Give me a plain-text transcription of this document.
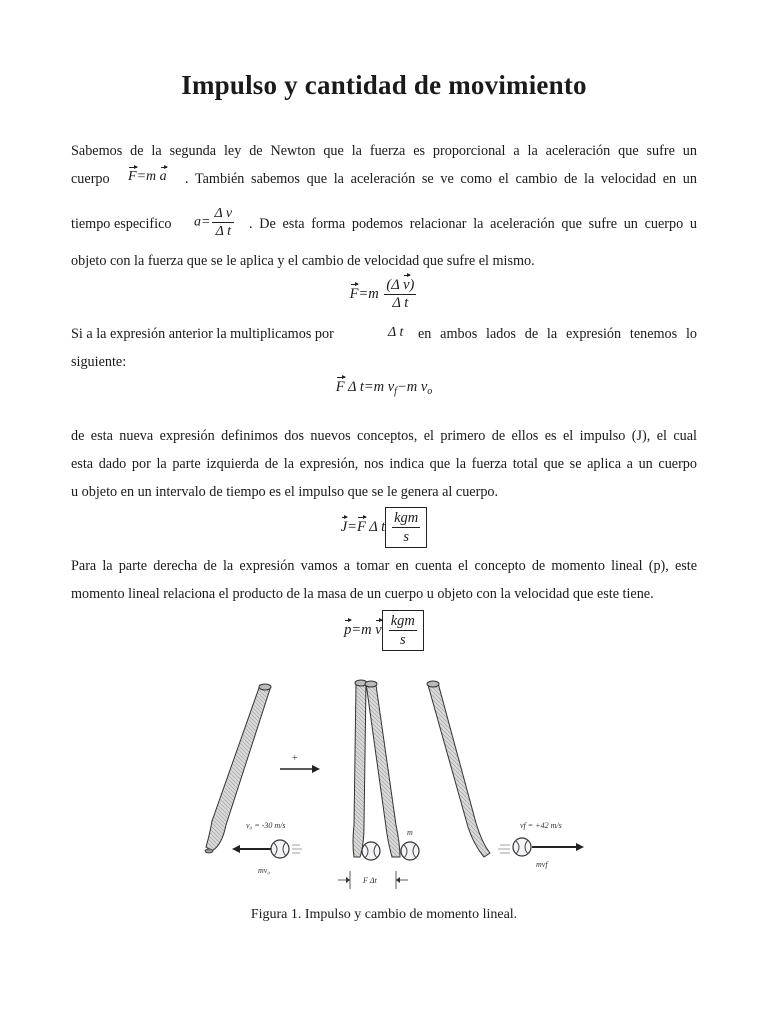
Impulso y cantidad de movimiento
Sabemos de la segunda ley de Newton que la fuerza es proporcional a la aceleración que sufre un
cuerpo	F=m a . También sabemos que la aceleración se ve como el cambio de la velocidad en un
tiempo especifico	$a= \frac{\text{Δ v}}{\text{Δ t}}$ . De esta forma podemos relacionar la aceleración que sufre un cuerpo u
objeto con la fuerza que se le aplica y el cambio de velocidad que sufre el mismo.
$F=m \frac{\text{(Δ v)}}{\text{Δ t}}$
Si a la expresión anterior la multiplicamos por	Δ t en ambos lados de la expresión tenemos lo
siguiente:
F Δ t=m $v_f-m$ $v_o$
de esta nueva expresión definimos dos nuevos conceptos, el primero de ellos es el impulso (J), el cual
esta dado por la parte izquierda de la expresión, nos indica que la fuerza total que se aplica a un cuerpo
u objeto en un intervalo de tiempo es el impulso que se le genera al cuerpo.
J=F Δ t $\frac{\text{kgm}}{s}$
Para la parte derecha de la expresión vamos a tomar en cuenta el concepto de momento lineal (p), este
momento lineal relaciona el producto de la masa de un cuerpo u objeto con la velocidad que este tiene.
p=m v $\frac{\text{kgm}}{s}$
+
v₀ = -30 m/s
mv₀
m
F Δt
vf = +42 m/s
mvf
Figura 1. Impulso y cambio de momento lineal.
